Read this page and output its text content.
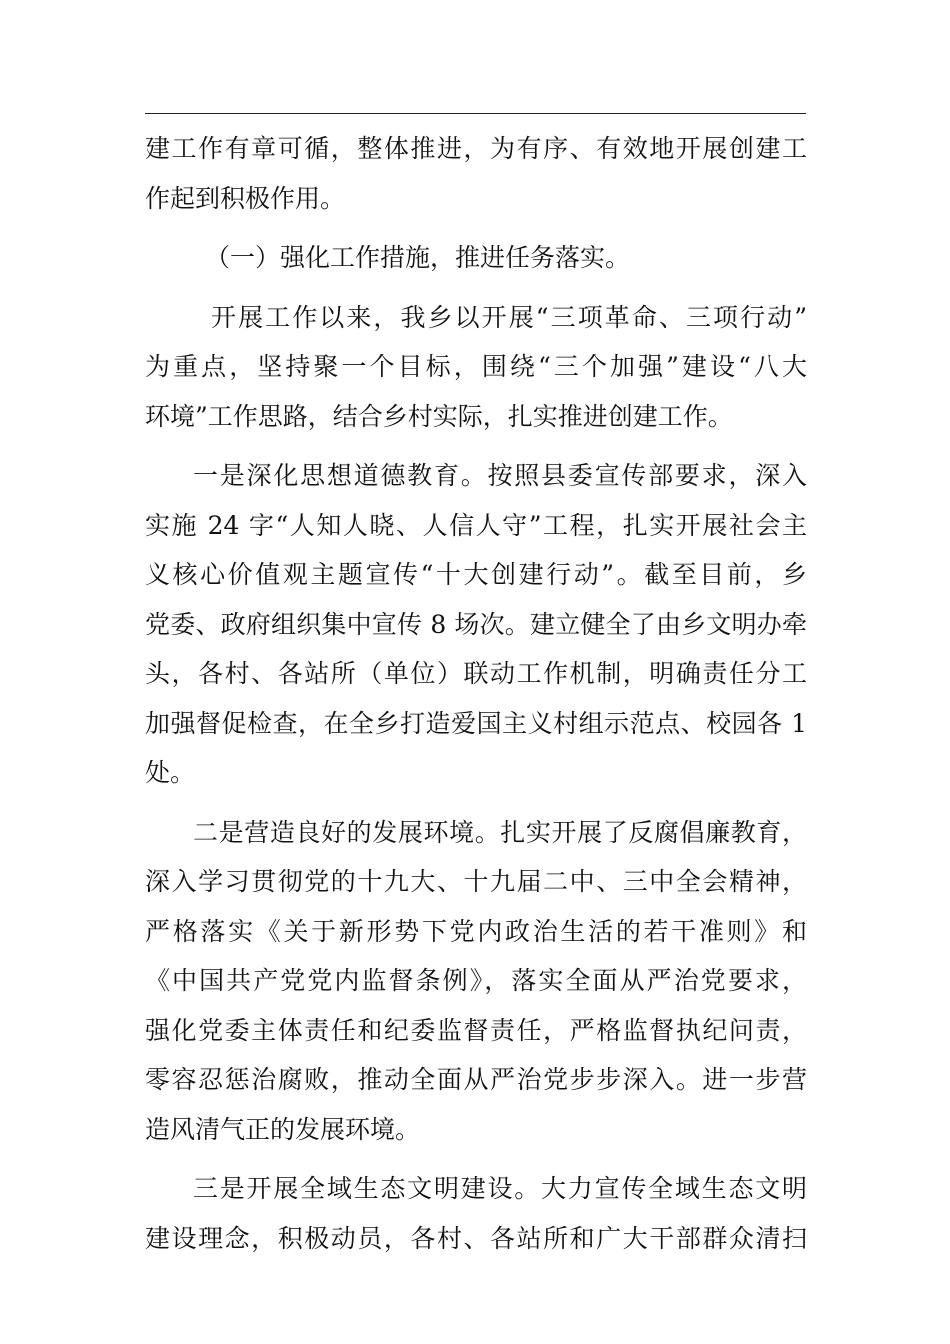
建工作有章可循，整体推进，为有序、有效地开展创建工
作起到积极作用。
（一）强化工作措施，推进任务落实。
开展工作以来，我乡以开展“三项革命、三项行动”
为重点，坚持聚一个目标，围绕“三个加强”建设“八大
环境”工作思路，结合乡村实际，扎实推进创建工作。
一是深化思想道德教育。按照县委宣传部要求，深入
实施 24 字“人知人晓、人信人守”工程，扎实开展社会主
义核心价值观主题宣传“十大创建行动”。截至目前，乡
党委、政府组织集中宣传 8 场次。建立健全了由乡文明办牵
头，各村、各站所（单位）联动工作机制，明确责任分工
加强督促检查，在全乡打造爱国主义村组示范点、校园各 1
处。
二是营造良好的发展环境。扎实开展了反腐倡廉教育，
深入学习贯彻党的十九大、十九届二中、三中全会精神，
严格落实《关于新形势下党内政治生活的若干准则》和
《中国共产党党内监督条例》，落实全面从严治党要求，
强化党委主体责任和纪委监督责任，严格监督执纪问责，
零容忍惩治腐败，推动全面从严治党步步深入。进一步营
造风清气正的发展环境。
三是开展全域生态文明建设。大力宣传全域生态文明
建设理念，积极动员，各村、各站所和广大干部群众清扫
